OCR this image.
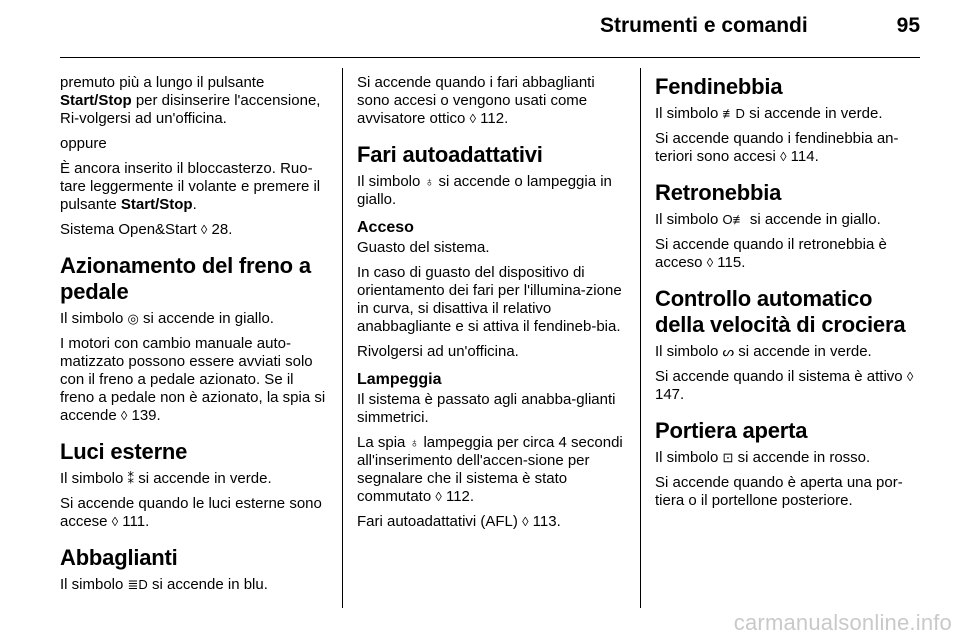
Strumenti e comandi	95

premuto più a lungo il pulsante Start/Stop per disinserire l'accensione, Ri-volgersi ad un'officina.

oppure

È ancora inserito il bloccasterzo. Ruo-tare leggermente il volante e premere il pulsante Start/Stop.

Sistema Open&Start ◊ 28.

Azionamento del freno a pedale

Il simbolo ◎ si accende in giallo.

I motori con cambio manuale auto-matizzato possono essere avviati solo con il freno a pedale azionato. Se il freno a pedale non è azionato, la spia si accende ◊ 139.

Luci esterne

Il simbolo ⁑ si accende in verde.

Si accende quando le luci esterne sono accese ◊ 111.

Abbaglianti

Il simbolo ≣D si accende in blu.

Si accende quando i fari abbaglianti sono accesi o vengono usati come avvisatore ottico ◊ 112.

Fari autoadattativi

Il simbolo ♁ si accende o lampeggia in giallo.

Acceso

Guasto del sistema.

In caso di guasto del dispositivo di orientamento dei fari per l'illumina-zione in curva, si disattiva il relativo anabbagliante e si attiva il fendineb-bia.

Rivolgersi ad un'officina.

Lampeggia

Il sistema è passato agli anabba-glianti simmetrici.

La spia ♁ lampeggia per circa 4 secondi all'inserimento dell'accen-sione per segnalare che il sistema è stato commutato ◊ 112.

Fari autoadattativi (AFL) ◊ 113.

Fendinebbia

Il simbolo ≢D si accende in verde.

Si accende quando i fendinebbia an-teriori sono accesi ◊ 114.

Retronebbia

Il simbolo O≢ si accende in giallo.

Si accende quando il retronebbia è acceso ◊ 115.

Controllo automatico della velocità di crociera

Il simbolo ᔕ si accende in verde.

Si accende quando il sistema è attivo ◊ 147.

Portiera aperta

Il simbolo ⊡ si accende in rosso.

Si accende quando è aperta una por-tiera o il portellone posteriore.

carmanualsonline.info
